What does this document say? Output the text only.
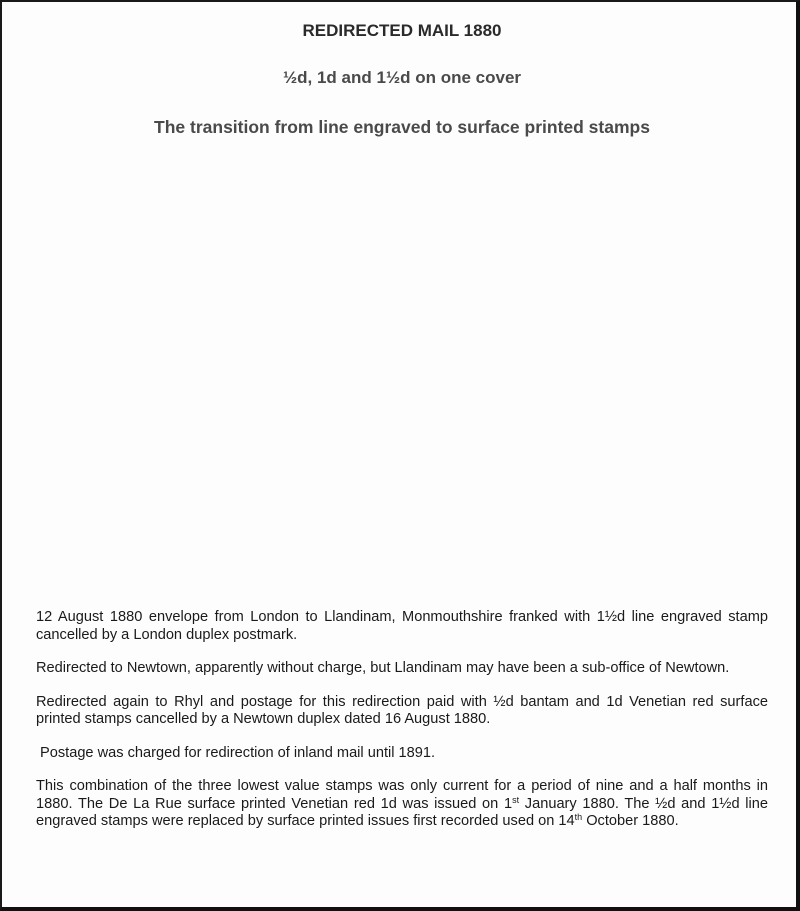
REDIRECTED MAIL 1880
½d, 1d and 1½d on one cover
The transition from line engraved to surface printed stamps

12 August 1880 envelope from London to Llandinam, Monmouthshire franked with 1½d line engraved stamp cancelled by a London duplex postmark.

Redirected to Newtown, apparently without charge, but Llandinam may have been a sub-office of Newtown.

Redirected again to Rhyl and postage for this redirection paid with ½d bantam and 1d Venetian red surface printed stamps cancelled by a Newtown duplex dated 16 August 1880.

Postage was charged for redirection of inland mail until 1891.

This combination of the three lowest value stamps was only current for a period of nine and a half months in 1880. The De La Rue surface printed Venetian red 1d was issued on 1st January 1880. The ½d and 1½d line engraved stamps were replaced by surface printed issues first recorded used on 14th October 1880.
